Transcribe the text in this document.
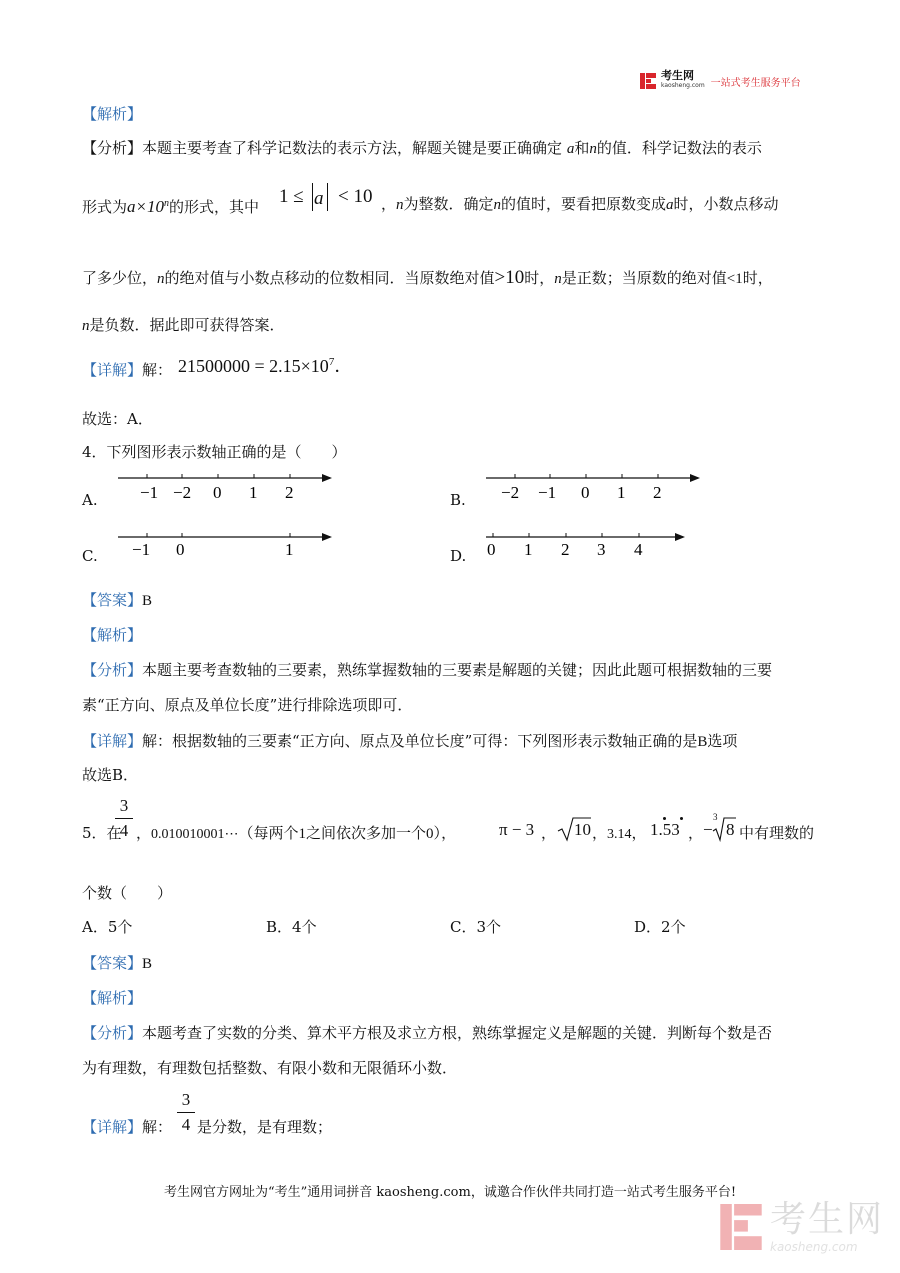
考生网
kaosheng.com 一站式考生服务平台
【解析】
【分析】本题主要考查了科学记数法的表示方法，解题关键是要正确确定 a和n的值．科学记数法的表示
形式为$a\times 10^n$的形式，其中 1 ≤ a < 10 ，n为整数．确定n的值时，要看把原数变成a时，小数点移动
了多少位，n的绝对值与小数点移动的位数相同．当原数绝对值>10时，n是正数；当原数的绝对值<1时，
n是负数．据此即可获得答案．
【详解】解： $21500000 = 2.15\times 10^7$．
故选：A．
4．下列图形表示数轴正确的是（　　）
A. −1 −2 0 1 2	B. −2 −1 0 1 2
C. −1 0	1	D. 0 1 2 3 4
【答案】B
【解析】
【分析】本题主要考查数轴的三要素，熟练掌握数轴的三要素是解题的关键；因此此题可根据数轴的三要
素“正方向、原点及单位长度”进行排除选项即可．
【详解】解：根据数轴的三要素“正方向、原点及单位长度”可得：下列图形表示数轴正确的是B选项
故选B．
5．在
3
4 ，0.010010001⋯（每两个1之间依次多加一个0），	π − 3 ， 10 ，3.14， 1.53 ， −
3
8 中有理数的
个数（　　）
A．5个	B．4个	C．3个	D．2个
【答案】B
【解析】
【分析】本题考查了实数的分类、算术平方根及求立方根，熟练掌握定义是解题的关键．判断每个数是否
为有理数，有理数包括整数、有限小数和无限循环小数．
【详解】解：
3
4 是分数，是有理数；
考生网官方网址为“考生”通用词拼音 kaosheng.com，诚邀合作伙伴共同打造一站式考生服务平台!
考生网
kaosheng.com
